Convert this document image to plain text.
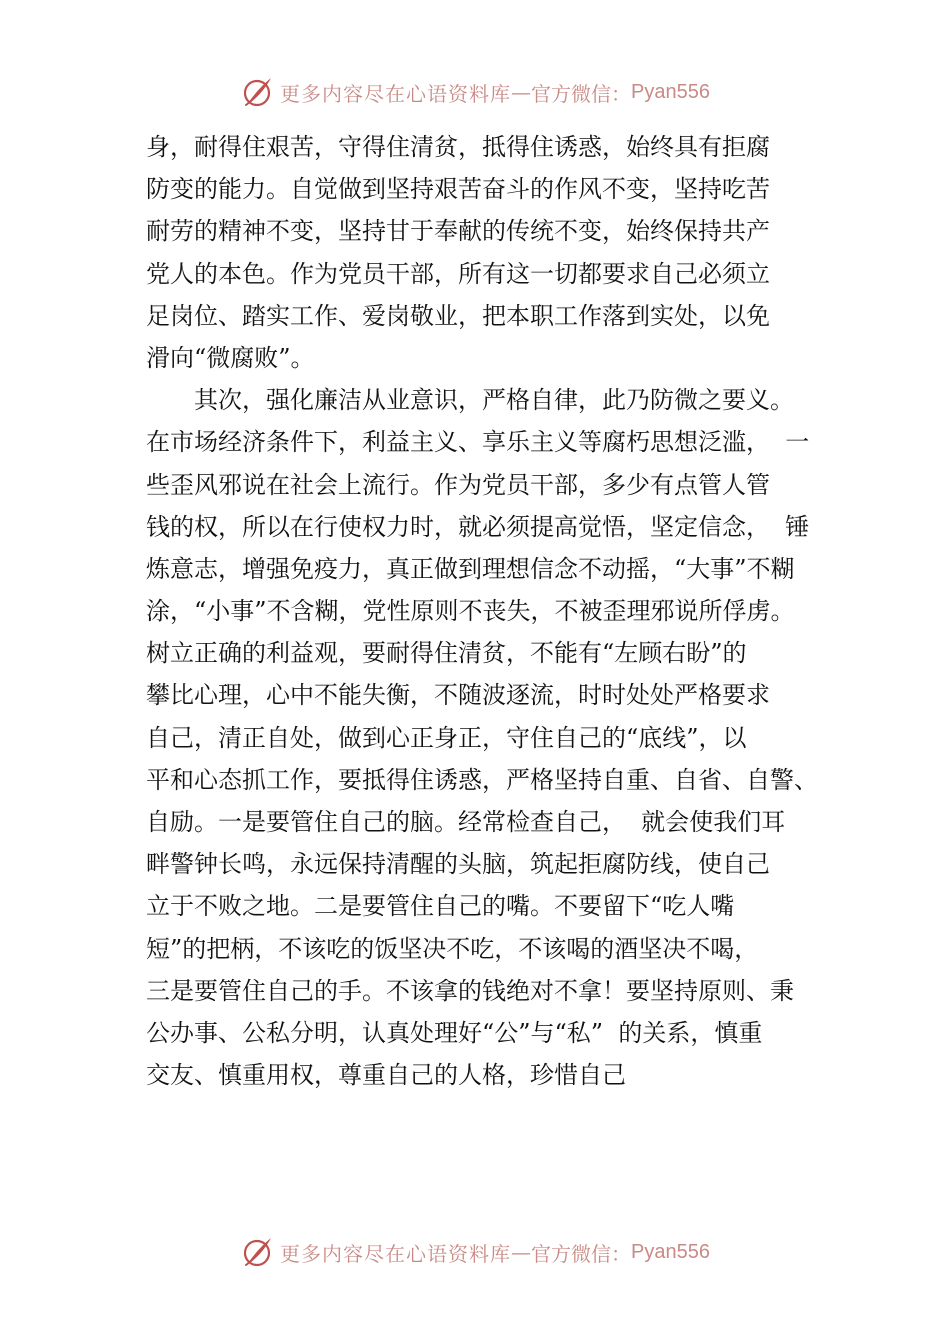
更多内容尽在心语资料库 — 官方微信： Pyan556
身，耐得住艰苦，守得住清贫，抵得住诱惑，始终具有拒腐
防变的能力。自觉做到坚持艰苦奋斗的作风不变，坚持吃苦
耐劳的精神不变，坚持甘于奉献的传统不变，始终保持共产
党人的本色。作为党员干部，所有这一切都要求自己必须立
足岗位、踏实工作、爱岗敬业，把本职工作落到实处，以免
滑向“微腐败”。
　　其次，强化廉洁从业意识，严格自律，此乃防微之要义。
在市场经济条件下，利益主义、享乐主义等腐朽思想泛滥，  一
些歪风邪说在社会上流行。作为党员干部，多少有点管人管
钱的权，所以在行使权力时，就必须提高觉悟，坚定信念，  锤
炼意志，增强免疫力，真正做到理想信念不动摇，“大事”不糊
涂，“小事”不含糊，党性原则不丧失，不被歪理邪说所俘虏。
树立正确的利益观，要耐得住清贫，不能有“左顾右盼”的
攀比心理，心中不能失衡，不随波逐流，时时处处严格要求
自己，清正自处，做到心正身正，守住自己的“底线”，以
平和心态抓工作，要抵得住诱惑，严格坚持自重、自省、自警、
自励。一是要管住自己的脑。经常检查自己，  就会使我们耳
畔警钟长鸣，永远保持清醒的头脑，筑起拒腐防线，使自己
立于不败之地。二是要管住自己的嘴。不要留下“吃人嘴
短”的把柄，不该吃的饭坚决不吃，不该喝的酒坚决不喝，
三是要管住自己的手。不该拿的钱绝对不拿！要坚持原则、秉
公办事、公私分明，认真处理好“公”与“私”  的关系，慎重
交友、慎重用权，尊重自己的人格，珍惜自己
更多内容尽在心语资料库 — 官方微信： Pyan556
